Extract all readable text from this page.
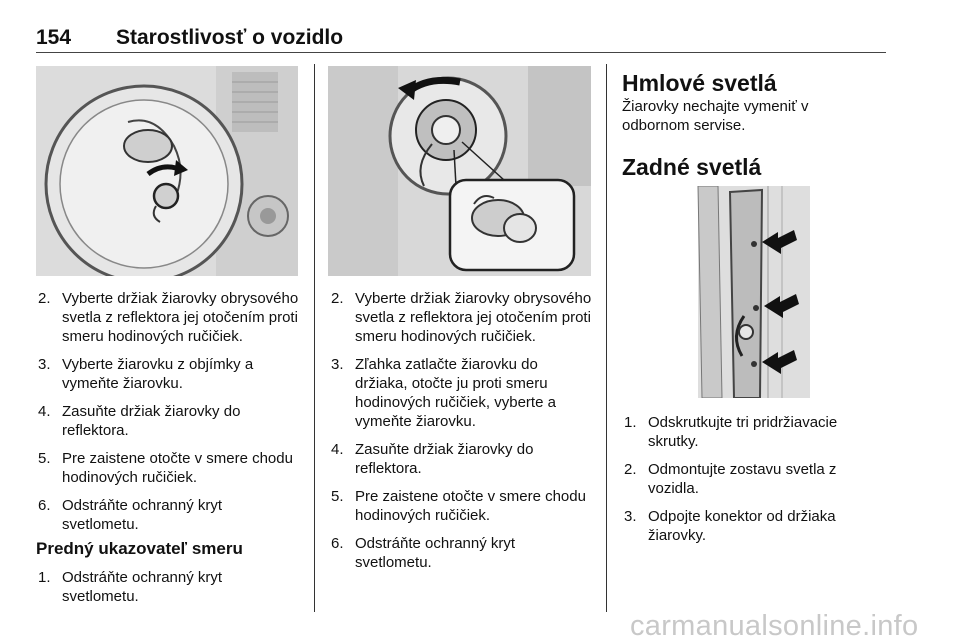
154 Starostlivosť o vozidlo
2. Vyberte držiak žiarovky obrysového svetla z reflektora jej otočením proti smeru hodinových ručičiek.
3. Vyberte žiarovku z objímky a vymeňte žiarovku.
4. Zasuňte držiak žiarovky do reflektora.
5. Pre zaistene otočte v smere chodu hodinových ručičiek.
6. Odstráňte ochranný kryt svetlometu.
Predný ukazovateľ smeru
1. Odstráňte ochranný kryt svetlometu.
2. Vyberte držiak žiarovky obrysového svetla z reflektora jej otočením proti smeru hodinových ručičiek.
3. Zľahka zatlačte žiarovku do držiaka, otočte ju proti smeru hodinových ručičiek, vyberte a vymeňte žiarovku.
4. Zasuňte držiak žiarovky do reflektora.
5. Pre zaistene otočte v smere chodu hodinových ručičiek.
6. Odstráňte ochranný kryt svetlometu.
Hmlové svetlá
Žiarovky nechajte vymeniť v odbornom servise.
Zadné svetlá
1. Odskrutkujte tri pridržiavacie skrutky.
2. Odmontujte zostavu svetla z vozidla.
3. Odpojte konektor od držiaka žiarovky.
carmanualsonline.info
